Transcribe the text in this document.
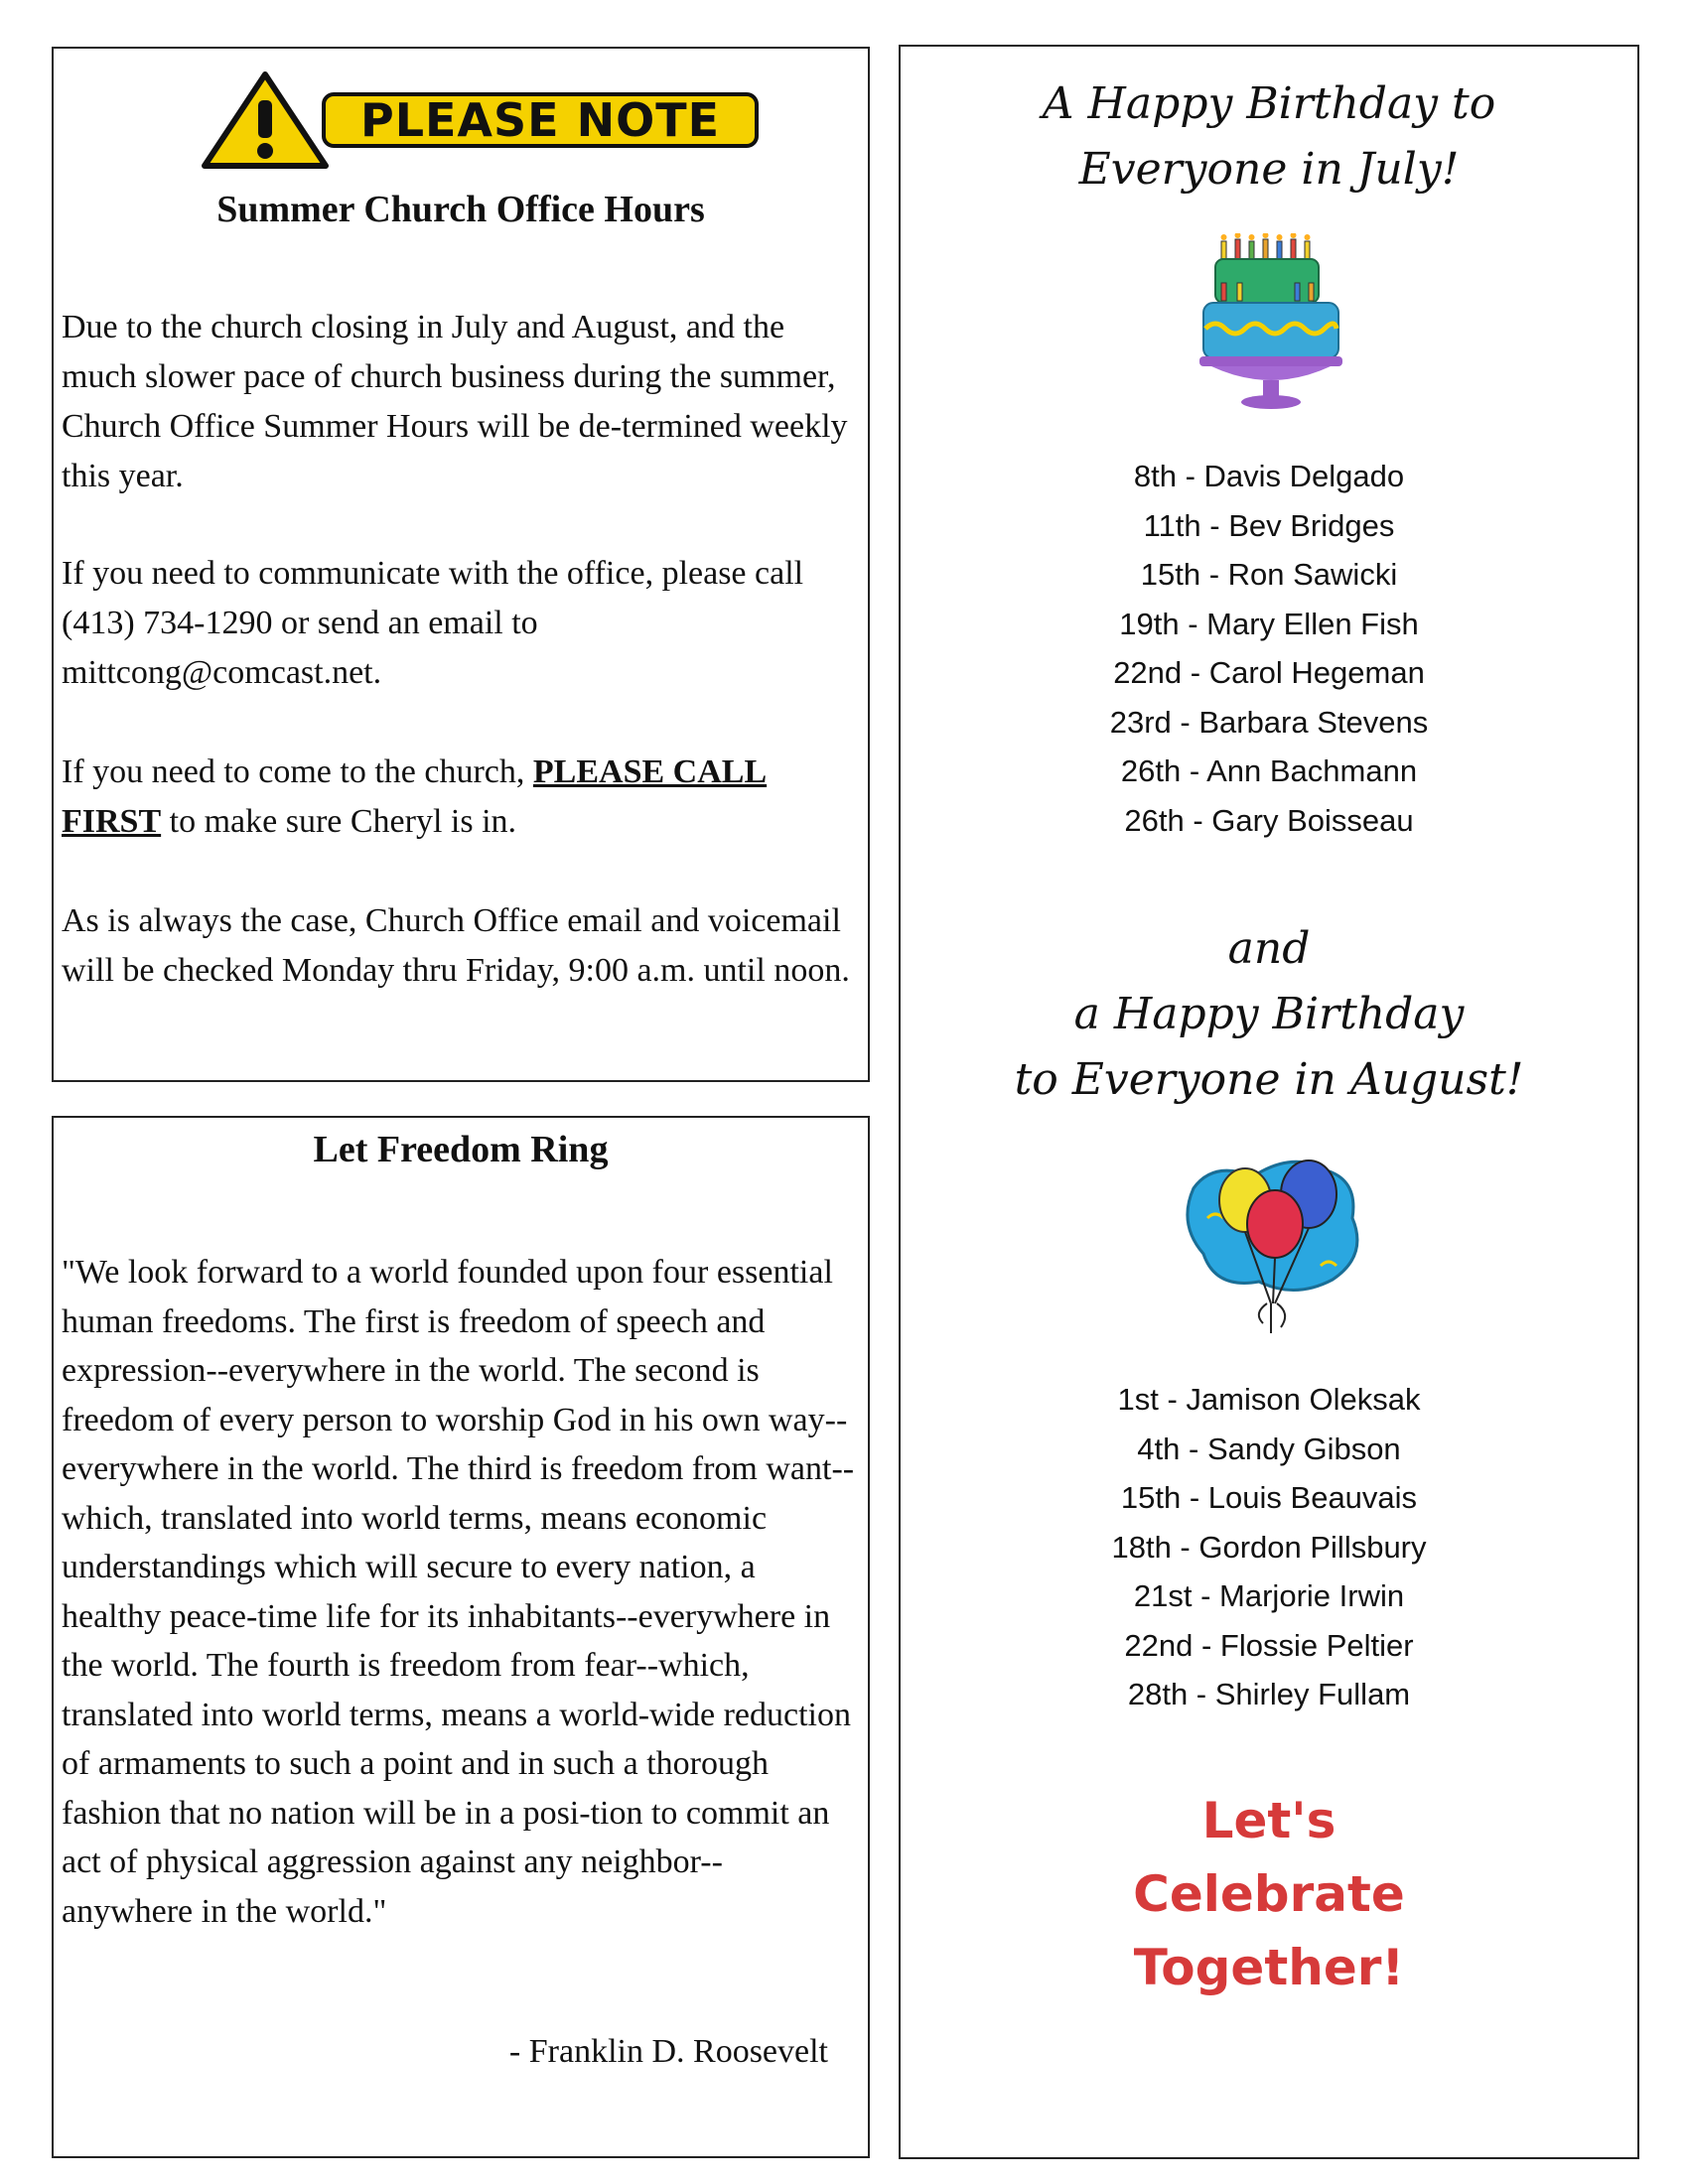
PLEASE NOTE
Summer Church Office Hours

Due to the church closing in July and August, and the much slower pace of church business during the summer, Church Office Summer Hours will be de-termined weekly this year.

If you need to communicate with the office, please call (413) 734-1290 or send an email to mittcong@comcast.net.

If you need to come to the church, PLEASE CALL FIRST to make sure Cheryl is in.

As is always the case, Church Office email and voicemail will be checked Monday thru Friday, 9:00 a.m. until noon.

Let Freedom Ring

"We look forward to a world founded upon four essential human freedoms. The first is freedom of speech and expression--everywhere in the world. The second is freedom of every person to worship God in his own way--everywhere in the world. The third is freedom from want--which, translated into world terms, means economic understandings which will secure to every nation, a healthy peace-time life for its inhabitants--everywhere in the world. The fourth is freedom from fear--which, translated into world terms, means a world-wide reduction of armaments to such a point and in such a thorough fashion that no nation will be in a posi-tion to commit an act of physical aggression against any neighbor-- anywhere in the world."

- Franklin D. Roosevelt

A Happy Birthday to
Everyone in July!

8th - Davis Delgado
11th - Bev Bridges
15th - Ron Sawicki
19th - Mary Ellen Fish
22nd - Carol Hegeman
23rd - Barbara Stevens
26th - Ann Bachmann
26th - Gary Boisseau

and

a Happy Birthday
to Everyone in August!

1st - Jamison Oleksak
4th - Sandy Gibson
15th - Louis Beauvais
18th - Gordon Pillsbury
21st - Marjorie Irwin
22nd - Flossie Peltier
28th - Shirley Fullam

Let's
Celebrate
Together!
